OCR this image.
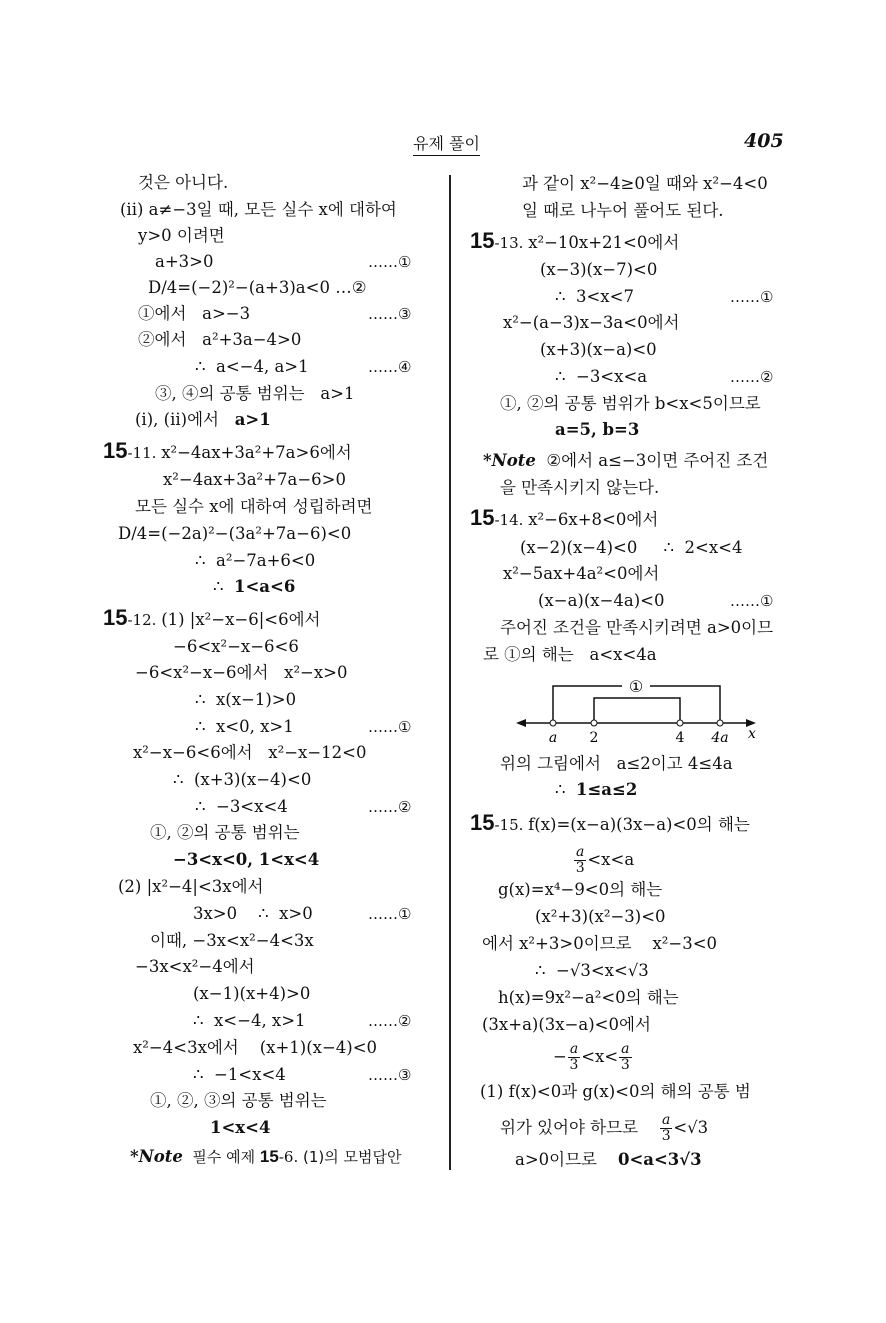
유제 풀이	405
것은 아니다.
(ii) a≠−3일 때, 모든 실수 x에 대하여
y>0 이려면
a+3>0	……①
D/4=(−2)²−(a+3)a<0 …②
①에서   a>−3	……③
②에서   a²+3a−4>0
∴  a<−4, a>1	……④
③, ④의 공통 범위는   a>1
(i), (ii)에서   a>1
15-11. x²−4ax+3a²+7a>6에서
x²−4ax+3a²+7a−6>0
모든 실수 x에 대하여 성립하려면
D/4=(−2a)²−(3a²+7a−6)<0
∴  a²−7a+6<0
∴  1<a<6
15-12. (1) |x²−x−6|<6에서
−6<x²−x−6<6
−6<x²−x−6에서   x²−x>0
∴  x(x−1)>0
∴  x<0, x>1	……①
x²−x−6<6에서   x²−x−12<0
∴  (x+3)(x−4)<0
∴  −3<x<4	……②
①, ②의 공통 범위는
−3<x<0, 1<x<4
(2) |x²−4|<3x에서
3x>0    ∴  x>0	……①
이때, −3x<x²−4<3x
−3x<x²−4에서
(x−1)(x+4)>0
∴  x<−4, x>1	……②
x²−4<3x에서    (x+1)(x−4)<0
∴  −1<x<4	……③
①, ②, ③의 공통 범위는
1<x<4
*Note  필수 예제 15-6. (1)의 모범답안
과 같이 x²−4≥0일 때와 x²−4<0
일 때로 나누어 풀어도 된다.
15-13. x²−10x+21<0에서
(x−3)(x−7)<0
∴  3<x<7	……①
x²−(a−3)x−3a<0에서
(x+3)(x−a)<0
∴  −3<x<a	……②
①, ②의 공통 범위가 b<x<5이므로
a=5, b=3
*Note  ②에서 a≤−3이면 주어진 조건
을 만족시키지 않는다.
15-14. x²−6x+8<0에서
(x−2)(x−4)<0     ∴  2<x<4
x²−5ax+4a²<0에서
(x−a)(x−4a)<0	……①
주어진 조건을 만족시키려면 a>0이므
로 ①의 해는   a<x<4a
①
a 2	4 4a x
위의 그림에서   a≤2이고 4≤4a
∴  1≤a≤2
15-15. f(x)=(x−a)(3x−a)<0의 해는
$\frac{a}{3} <x<a$
g(x)=x⁴−9<0의 해는
(x²+3)(x²−3)<0
에서 x²+3>0이므로    x²−3<0
∴  −√3<x<√3
h(x)=9x²−a²<0의 해는
(3x+a)(3x−a)<0에서
− $\frac{a}{3} <x< \frac{a}{3}$
(1) f(x)<0과 g(x)<0의 해의 공통 범
위가 있어야 하므로 $\frac{a}{3} <√3$
a>0이므로    0<a<3√3
